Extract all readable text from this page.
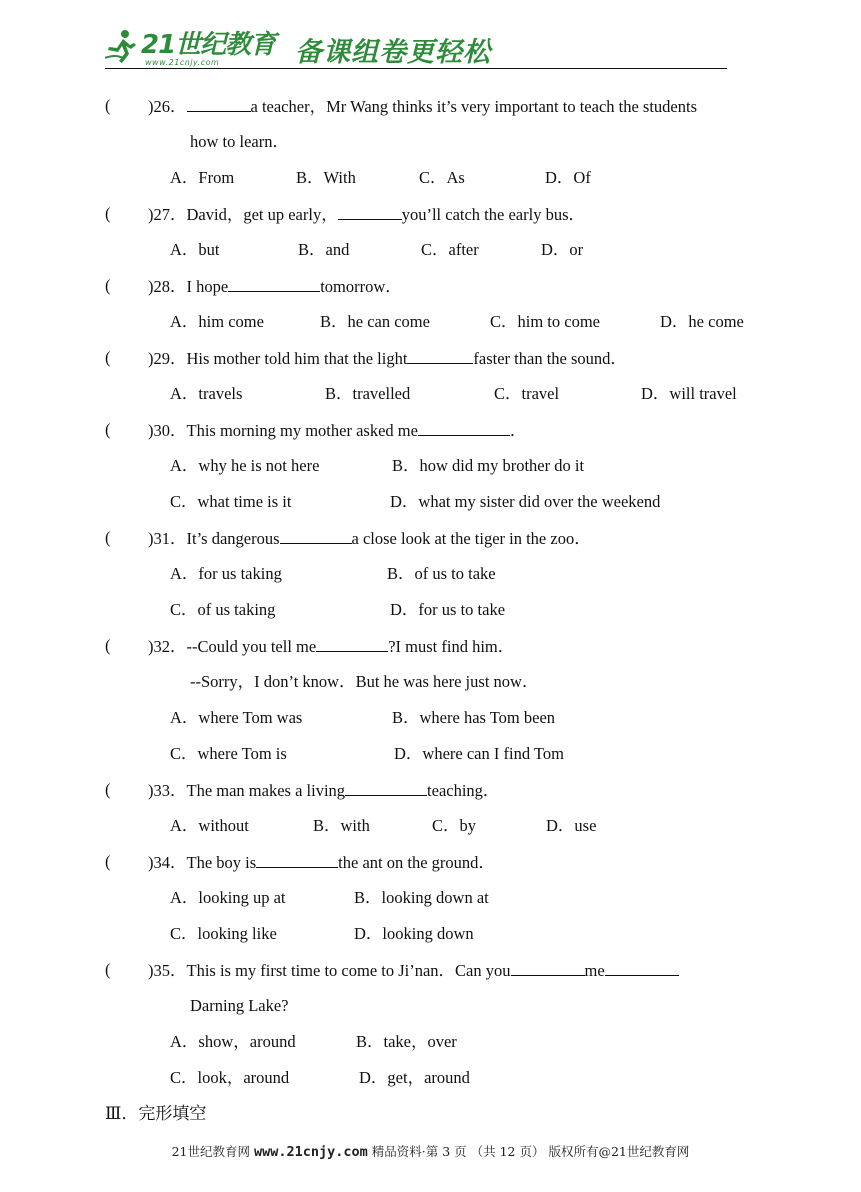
21世纪教育
www.21cnjy.com	备课组卷更轻松
( )26．	a teacher，Mr Wang thinks it’s very important to teach the students
how to learn．
A．From	B．With	C．As	D．Of
( )27．David，get up early，	you’ll catch the early bus．
A．but	B．and	C．after	D．or
( )28．I hope	tomorrow．
A．him come	B．he can come	C．him to come	D．he come
( )29．His mother told him that the light	faster than the sound．
A．travels	B．travelled	C．travel	D．will travel
( )30．This morning my mother asked me	．
A．why he is not here	B．how did my brother do it
C．what time is it	D．what my sister did over the weekend
( )31．It’s dangerous	a close look at the tiger in the zoo．
A．for us taking	B．of us to take
C．of us taking	D．for us to take
( )32．--Could you tell me	?I must find him．
--Sorry，I don’t know．But he was here just now．
A．where Tom was	B．where has Tom been
C．where Tom is	D．where can I find Tom
( )33．The man makes a living	teaching．
A．without	B．with	C．by	D．use
( )34．The boy is	the ant on the ground．
A．looking up at	B．looking down at
C．looking like	D．looking down
( )35．This is my first time to come to Ji’nan．Can you	me
Darning Lake?
A．show，around	B．take，over
C．look，around	D．get，around
Ⅲ．完形填空
21世纪教育网 www.21cnjy.com 精品资料·第 3 页 （共 12 页） 版权所有@21世纪教育网
